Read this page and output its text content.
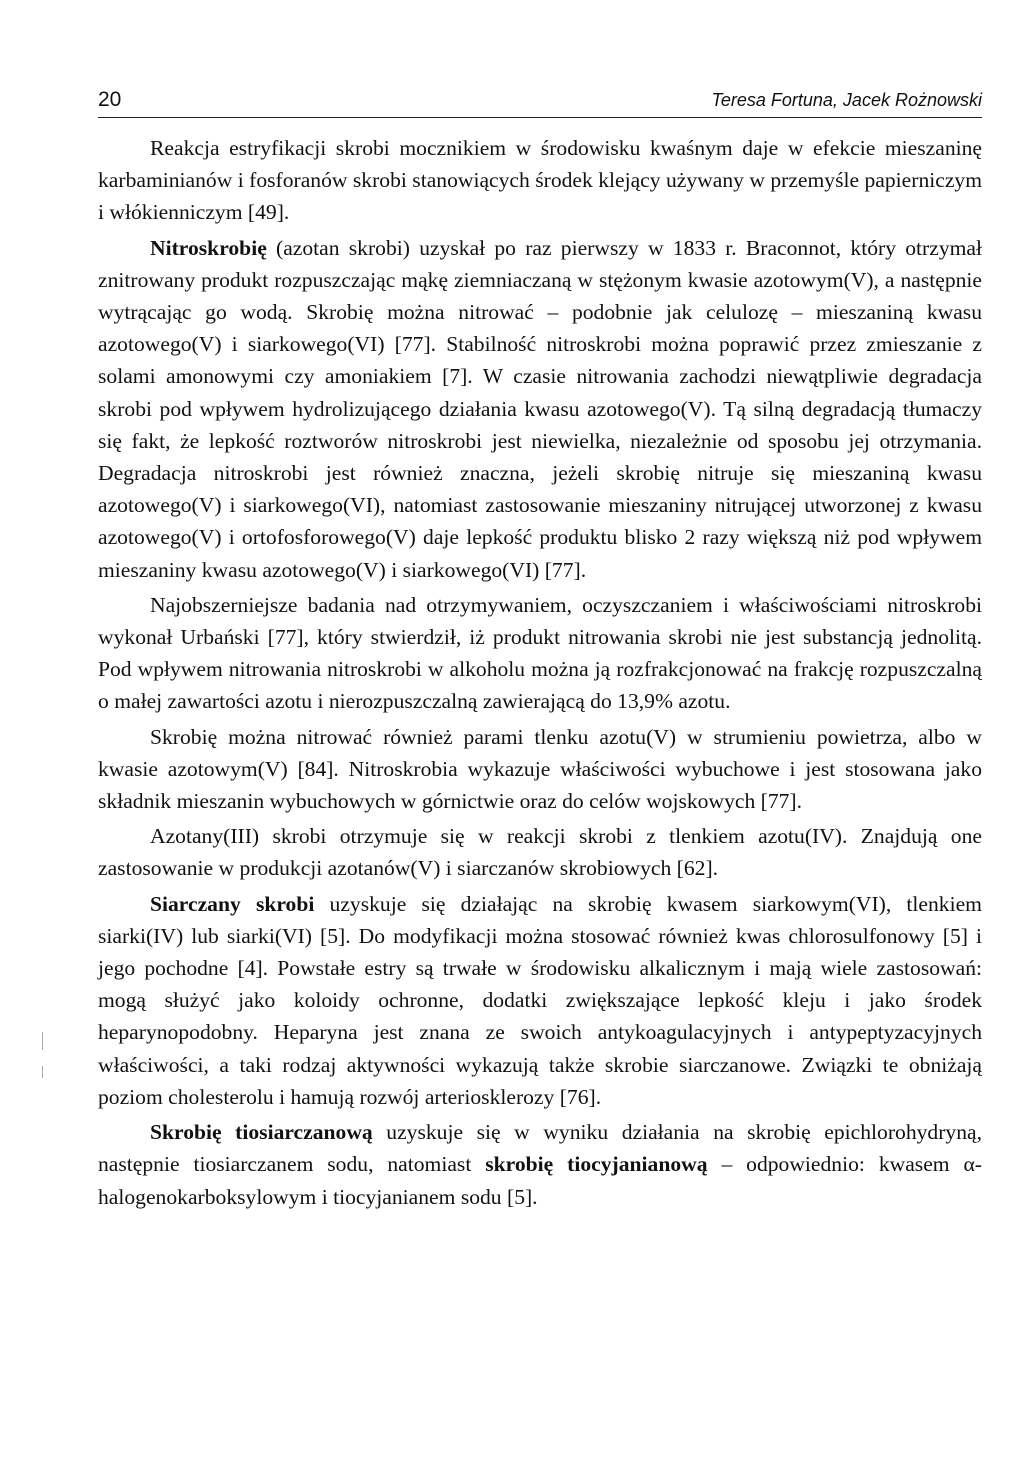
20	Teresa Fortuna, Jacek Rożnowski

Reakcja estryfikacji skrobi mocznikiem w środowisku kwaśnym daje w efekcie mieszaninę karbaminianów i fosforanów skrobi stanowiących środek klejący używany w przemyśle papierniczym i włókienniczym [49].

Nitroskrobię (azotan skrobi) uzyskał po raz pierwszy w 1833 r. Braconnot, który otrzymał znitrowany produkt rozpuszczając mąkę ziemniaczaną w stężonym kwasie azotowym(V), a następnie wytrącając go wodą. Skrobię można nitrować – podobnie jak celulozę – mieszaniną kwasu azotowego(V) i siarkowego(VI) [77]. Stabilność nitroskrobi można poprawić przez zmieszanie z solami amonowymi czy amoniakiem [7]. W czasie nitrowania zachodzi niewątpliwie degradacja skrobi pod wpływem hydrolizującego działania kwasu azotowego(V). Tą silną degradacją tłumaczy się fakt, że lepkość roztworów nitroskrobi jest niewielka, niezależnie od sposobu jej otrzymania. Degradacja nitroskrobi jest również znaczna, jeżeli skrobię nitruje się mieszaniną kwasu azotowego(V) i siarkowego(VI), natomiast zastosowanie mieszaniny nitrującej utworzonej z kwasu azotowego(V) i ortofosforowego(V) daje lepkość produktu blisko 2 razy większą niż pod wpływem mieszaniny kwasu azotowego(V) i siarkowego(VI) [77].

Najobszerniejsze badania nad otrzymywaniem, oczyszczaniem i właściwościami nitroskrobi wykonał Urbański [77], który stwierdził, iż produkt nitrowania skrobi nie jest substancją jednolitą. Pod wpływem nitrowania nitroskrobi w alkoholu można ją rozfrakcjonować na frakcję rozpuszczalną o małej zawartości azotu i nierozpuszczalną zawierającą do 13,9% azotu.

Skrobię można nitrować również parami tlenku azotu(V) w strumieniu powietrza, albo w kwasie azotowym(V) [84]. Nitroskrobia wykazuje właściwości wybuchowe i jest stosowana jako składnik mieszanin wybuchowych w górnictwie oraz do celów wojskowych [77].

Azotany(III) skrobi otrzymuje się w reakcji skrobi z tlenkiem azotu(IV). Znajdują one zastosowanie w produkcji azotanów(V) i siarczanów skrobiowych [62].

Siarczany skrobi uzyskuje się działając na skrobię kwasem siarkowym(VI), tlenkiem siarki(IV) lub siarki(VI) [5]. Do modyfikacji można stosować również kwas chlorosulfonowy [5] i jego pochodne [4]. Powstałe estry są trwałe w środowisku alkalicznym i mają wiele zastosowań: mogą służyć jako koloidy ochronne, dodatki zwiększające lepkość kleju i jako środek heparynopodobny. Heparyna jest znana ze swoich antykoagulacyjnych i antypeptyzacyjnych właściwości, a taki rodzaj aktywności wykazują także skrobie siarczanowe. Związki te obniżają poziom cholesterolu i hamują rozwój arteriosklerozy [76].

Skrobię tiosiarczanową uzyskuje się w wyniku działania na skrobię epichlorohydryną, następnie tiosiarczanem sodu, natomiast skrobię tiocyjanianową – odpowiednio: kwasem α-halogenokarboksylowym i tiocyjanianem sodu [5].
